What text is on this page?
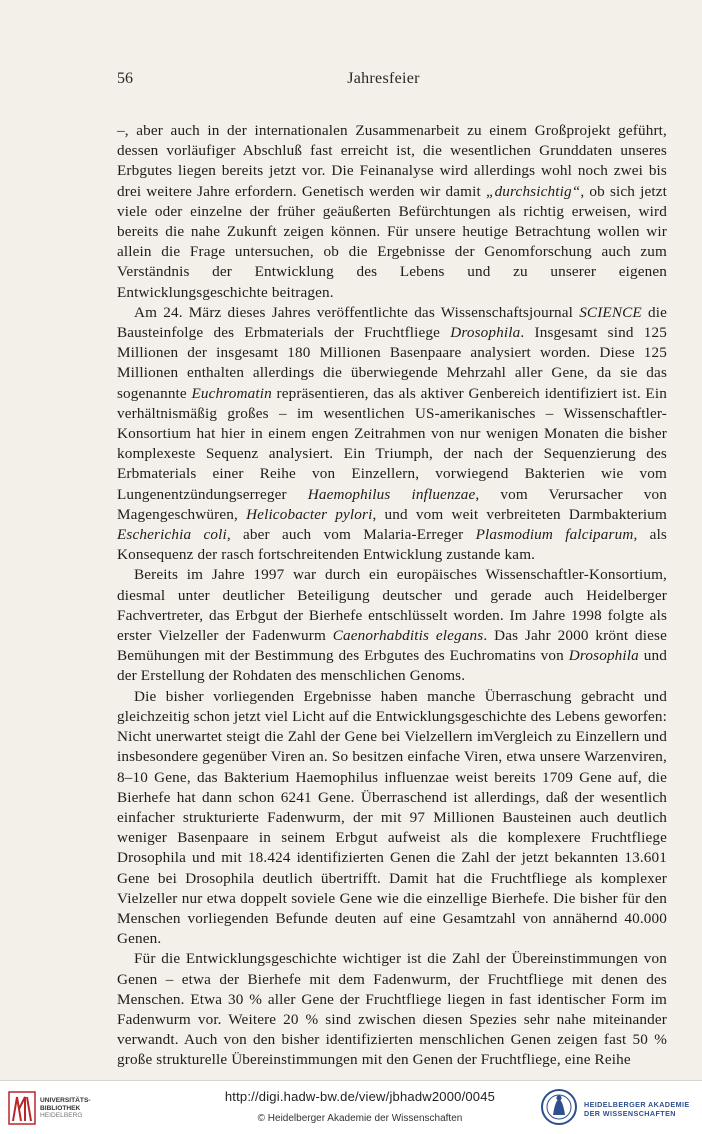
56	Jahresfeier

–, aber auch in der internationalen Zusammenarbeit zu einem Großprojekt geführt, dessen vorläufiger Abschluß fast erreicht ist, die wesentlichen Grunddaten unseres Erbgutes liegen bereits jetzt vor. Die Feinanalyse wird allerdings wohl noch zwei bis drei weitere Jahre erfordern. Genetisch werden wir damit „durchsichtig“, ob sich jetzt viele oder einzelne der früher geäußerten Befürchtungen als richtig erweisen, wird bereits die nahe Zukunft zeigen können. Für unsere heutige Betrachtung wollen wir allein die Frage untersuchen, ob die Ergebnisse der Genomforschung auch zum Verständnis der Entwicklung des Lebens und zu unserer eigenen Entwicklungsgeschichte beitragen.

Am 24. März dieses Jahres veröffentlichte das Wissenschaftsjournal SCIENCE die Bausteinfolge des Erbmaterials der Fruchtfliege Drosophila. Insgesamt sind 125 Millionen der insgesamt 180 Millionen Basenpaare analysiert worden. Diese 125 Millionen enthalten allerdings die überwiegende Mehrzahl aller Gene, da sie das sogenannte Euchromatin repräsentieren, das als aktiver Genbereich identifiziert ist. Ein verhältnismäßig großes – im wesentlichen US-amerikanisches – Wissenschaftler-Konsortium hat hier in einem engen Zeitrahmen von nur wenigen Monaten die bisher komplexeste Sequenz analysiert. Ein Triumph, der nach der Sequenzierung des Erbmaterials einer Reihe von Einzellern, vorwiegend Bakterien wie vom Lungenentzündungserreger Haemophilus influenzae, vom Verursacher von Magengeschwüren, Helicobacter pylori, und vom weit verbreiteten Darmbakterium Escherichia coli, aber auch vom Malaria-Erreger Plasmodium falciparum, als Konsequenz der rasch fortschreitenden Entwicklung zustande kam.

Bereits im Jahre 1997 war durch ein europäisches Wissenschaftler-Konsortium, diesmal unter deutlicher Beteiligung deutscher und gerade auch Heidelberger Fachvertreter, das Erbgut der Bierhefe entschlüsselt worden. Im Jahre 1998 folgte als erster Vielzeller der Fadenwurm Caenorhabditis elegans. Das Jahr 2000 krönt diese Bemühungen mit der Bestimmung des Erbgutes des Euchromatins von Drosophila und der Erstellung der Rohdaten des menschlichen Genoms.

Die bisher vorliegenden Ergebnisse haben manche Überraschung gebracht und gleichzeitig schon jetzt viel Licht auf die Entwicklungsgeschichte des Lebens geworfen: Nicht unerwartet steigt die Zahl der Gene bei Vielzellern imVergleich zu Einzellern und insbesondere gegenüber Viren an. So besitzen einfache Viren, etwa unsere Warzenviren, 8–10 Gene, das Bakterium Haemophilus influenzae weist bereits 1709 Gene auf, die Bierhefe hat dann schon 6241 Gene. Überraschend ist allerdings, daß der wesentlich einfacher strukturierte Fadenwurm, der mit 97 Millionen Bausteinen auch deutlich weniger Basenpaare in seinem Erbgut aufweist als die komplexere Fruchtfliege Drosophila und mit 18.424 identifizierten Genen die Zahl der jetzt bekannten 13.601 Gene bei Drosophila deutlich übertrifft. Damit hat die Fruchtfliege als komplexer Vielzeller nur etwa doppelt soviele Gene wie die einzellige Bierhefe. Die bisher für den Menschen vorliegenden Befunde deuten auf eine Gesamtzahl von annähernd 40.000 Genen.

Für die Entwicklungsgeschichte wichtiger ist die Zahl der Übereinstimmungen von Genen – etwa der Bierhefe mit dem Fadenwurm, der Fruchtfliege mit denen des Menschen. Etwa 30 % aller Gene der Fruchtfliege liegen in fast identischer Form im Fadenwurm vor. Weitere 20 % sind zwischen diesen Spezies sehr nahe miteinander verwandt. Auch von den bisher identifizierten menschlichen Genen zeigen fast 50 % große strukturelle Übereinstimmungen mit den Genen der Fruchtfliege, eine Reihe

UNIVERSITÄTS-
BIBLIOTHEK
HEIDELBERG
http://digi.hadw-bw.de/view/jbhadw2000/0045
© Heidelberger Akademie der Wissenschaften
HEIDELBERGER AKADEMIE
DER WISSENSCHAFTEN
